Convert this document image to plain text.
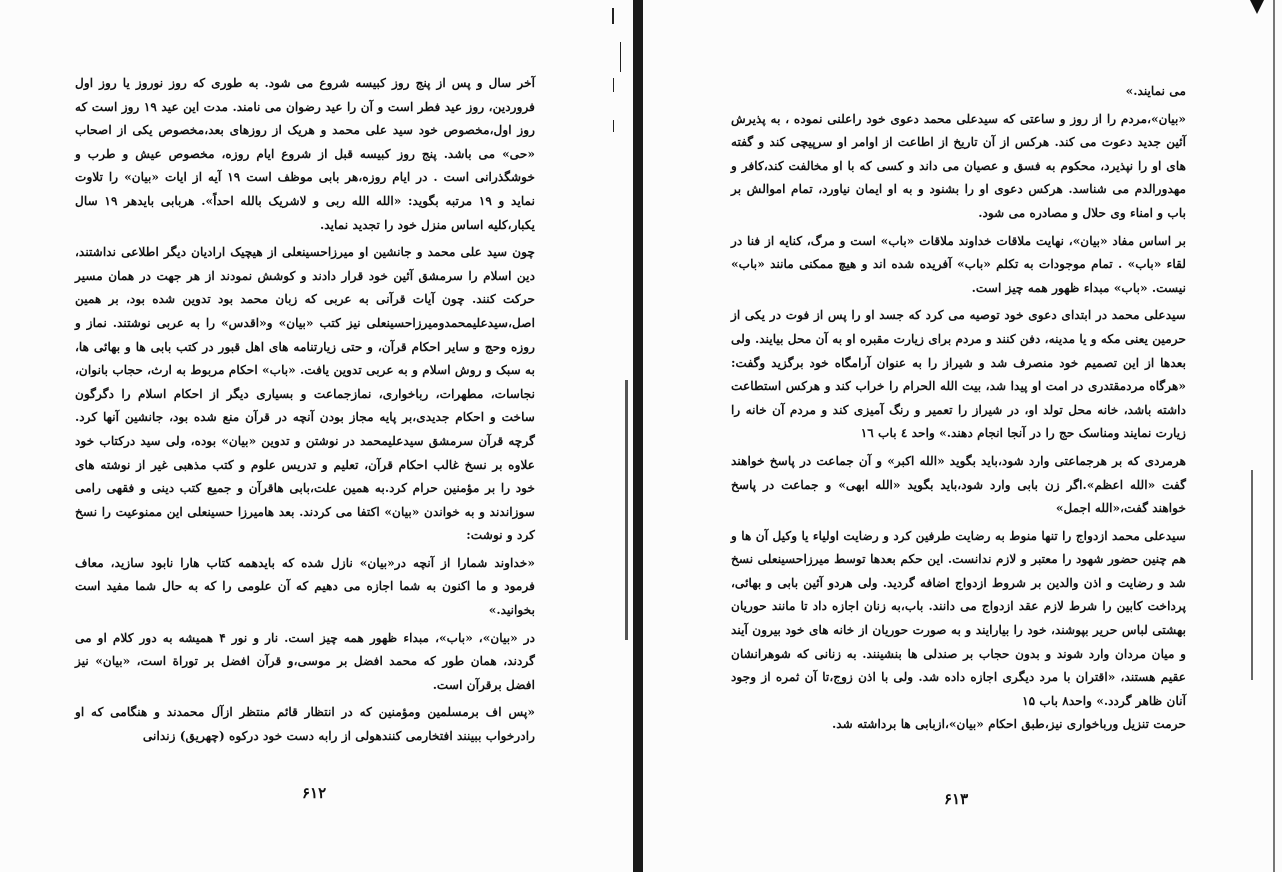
آخر سال و پس از پنج روز کبیسه شروع می شود. به طوری که روز نوروز یا روز اول فروردین، روز عید فطر است و آن را عید رضوان می نامند. مدت این عید ۱۹ روز است که روز اول،مخصوص خود سید علی محمد و هریک از روزهای بعد،مخصوص یکی از اصحاب «حی» می باشد. پنج روز کبیسه قبل از شروع ایام روزه، مخصوص عیش و طرب و خوشگذرانی است . در ایام روزه،هر بابی موظف است ۱۹ آیه از ایات «بیان» را تلاوت نماید و ۱۹ مرتبه بگوید: «الله الله ربی و لاشریک بالله احداً». هربابی بایدهر ۱۹ سال یکبار،کلیه اساس منزل خود را تجدید نماید.

چون سید علی محمد و جانشین او میرزاحسینعلی از هیچیک ارادیان دیگر اطلاعی نداشتند، دین اسلام را سرمشق آئین خود قرار دادند و کوشش نمودند از هر جهت در همان مسیر حرکت کنند. چون آیات قرآنی به عربی که زبان محمد بود تدوین شده بود، بر همین اصل،سیدعلیمحمدومیرزاحسینعلی نیز کتب «بیان» و«اقدس» را به عربی نوشتند. نماز و روزه وحج و سایر احکام قرآن، و حتی زیارتنامه های اهل قبور در کتب بابی ها و بهائی ها، به سبک و روش اسلام و به عربی تدوین یافت. «باب» احکام مربوط به ارث، حجاب بانوان، نجاسات، مطهرات، رباخواری، نمازجماعت و بسیاری دیگر از احکام اسلام را دگرگون ساخت و احکام جدیدی،بر پایه مجاز بودن آنچه در قرآن منع شده بود، جانشین آنها کرد. گرچه قرآن سرمشق سیدعلیمحمد در نوشتن و تدوین «بیان» بوده، ولی سید درکتاب خود علاوه بر نسخ غالب احکام قرآن، تعلیم و تدریس علوم و کتب مذهبی غیر از نوشته های خود را بر مؤمنین حرام کرد.به همین علت،بابی هاقرآن و جمیع کتب دینی و فقهی رامی سوزاندند و به خواندن «بیان» اکتفا می کردند. بعد هامیرزا حسینعلی این ممنوعیت را نسخ کرد و نوشت:

«خداوند شمارا از آنچه در«بیان» نازل شده که بایدهمه کتاب هارا نابود سازید، معاف فرمود و ما اکنون به شما اجازه می دهیم که آن علومی را که به حال شما مفید است بخوانید.»

در «بیان»، «باب»، مبداء ظهور همه چیز است. نار و نور ۴ همیشه به دور کلام او می گردند، همان طور که محمد افضل بر موسی،و قرآن افضل بر توراة است، «بیان» نیز افضل برقرآن است.

«پس اف برمسلمین ومؤمنین که در انتظار قائم منتظر ازآل محمدند و هنگامی که او رادرخواب ببینند افتخارمی کنندهولی از رابه دست خود درکوه (چهریق) زندانی

۶۱۲

می نمایند.»

«بیان»،مردم را از روز و ساعتی که سیدعلی محمد دعوی خود راعلنی نموده ، به پذیرش آئین جدید دعوت می کند. هرکس از آن تاریخ از اطاعت از اوامر او سرپیچی کند و گفته های او را نپذیرد، محکوم به فسق و عصیان می داند و کسی که با او مخالفت کند،کافر و مهدورالدم می شناسد. هرکس دعوی او را بشنود و به او ایمان نیاورد، تمام اموالش بر باب و امناء وی حلال و مصادره می شود.

بر اساس مفاد «بیان»، نهایت ملاقات خداوند ملاقات «باب» است و مرگ، کنایه از فنا در لقاء «باب» . تمام موجودات به تکلم «باب» آفریده شده اند و هیچ ممکنی مانند «باب» نیست. «باب» مبداء ظهور همه چیز است.

سیدعلی محمد در ابتدای دعوی خود توصیه می کرد که جسد او را پس از فوت در یکی از حرمین یعنی مکه و یا مدینه، دفن کنند و مردم برای زیارت مقبره او به آن محل بیایند. ولی بعدها از این تصمیم خود منصرف شد و شیراز را به عنوان آرامگاه خود برگزید وگفت: «هرگاه مردمقتدری در امت او پیدا شد، بیت الله الحرام را خراب کند و هرکس استطاعت داشته باشد، خانه محل تولد او، در شیراز را تعمیر و رنگ آمیزی کند و مردم آن خانه را زیارت نمایند ومناسک حج را در آنجا انجام دهند.» واحد ٤ باب ١٦

هرمردی که بر هرجماعتی وارد شود،باید بگوید «الله اکبر» و آن جماعت در پاسخ خواهند گفت «الله اعظم».اگر زن بابی وارد شود،باید بگوید «الله ابهی» و جماعت در پاسخ خواهند گفت،«الله اجمل»

سیدعلی محمد ازدواج را تنها منوط به رضایت طرفین کرد و رضایت اولیاء یا وکیل آن ها و هم چنین حضور شهود را معتبر و لازم ندانست. این حکم بعدها توسط میرزاحسینعلی نسخ شد و رضایت و اذن والدین بر شروط ازدواج اضافه گردید. ولی هردو آئین بابی و بهائی، پرداخت کابین را شرط لازم عقد ازدواج می دانند. باب،به زنان اجازه داد تا مانند حوریان بهشتی لباس حریر بپوشند، خود را بیارایند و به صورت حوریان از خانه های خود بیرون آیند و میان مردان وارد شوند و بدون حجاب بر صندلی ها بنشینند. به زنانی که شوهرانشان عقیم هستند، «اقتران با مرد دیگری اجازه داده شد. ولی با اذن زوج،تا آن ثمره از وجود آنان ظاهر گردد.» واحد۸ باب ۱۵

حرمت تنزیل ورباخواری نیز،طبق احکام «بیان»،ازبابی ها برداشته شد.

۶۱۳
